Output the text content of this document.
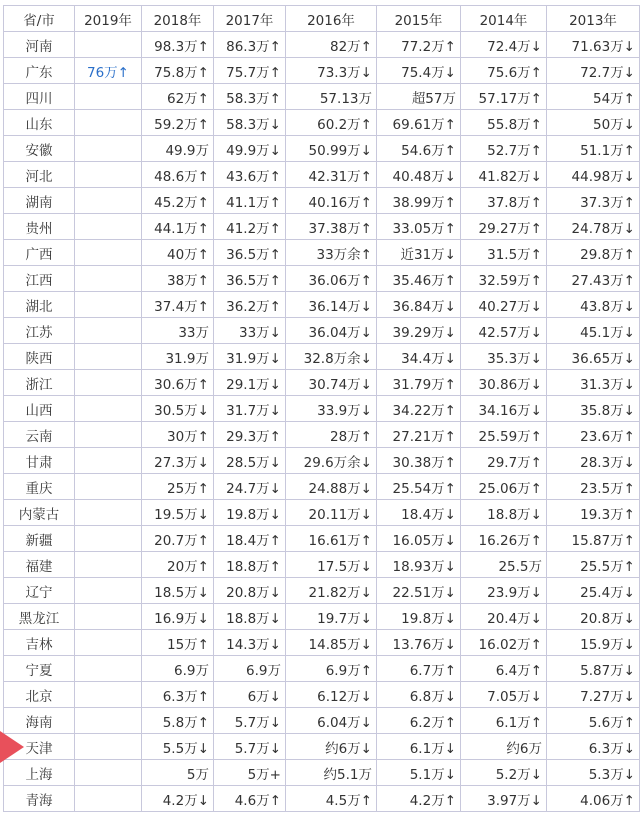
省/市	2019年	2018年	2017年	2016年	2015年	2014年	2013年
河南		98.3万↑	86.3万↑	82万↑	77.2万↑	72.4万↓	71.63万↓
广东	76万↑	75.8万↑	75.7万↑	73.3万↓	75.4万↓	75.6万↑	72.7万↓
四川		62万↑	58.3万↑	57.13万	超57万	57.17万↑	54万↑
山东		59.2万↑	58.3万↓	60.2万↑	69.61万↑	55.8万↑	50万↓
安徽		49.9万	49.9万↓	50.99万↓	54.6万↑	52.7万↑	51.1万↑
河北		48.6万↑	43.6万↑	42.31万↑	40.48万↓	41.82万↓	44.98万↓
湖南		45.2万↑	41.1万↑	40.16万↑	38.99万↑	37.8万↑	37.3万↑
贵州		44.1万↑	41.2万↑	37.38万↑	33.05万↑	29.27万↑	24.78万↓
广西		40万↑	36.5万↑	33万余↑	近31万↓	31.5万↑	29.8万↑
江西		38万↑	36.5万↑	36.06万↑	35.46万↑	32.59万↑	27.43万↑
湖北		37.4万↑	36.2万↑	36.14万↓	36.84万↓	40.27万↓	43.8万↓
江苏		33万	33万↓	36.04万↓	39.29万↓	42.57万↓	45.1万↓
陕西		31.9万	31.9万↓	32.8万余↓	34.4万↓	35.3万↓	36.65万↓
浙江		30.6万↑	29.1万↓	30.74万↓	31.79万↑	30.86万↓	31.3万↓
山西		30.5万↓	31.7万↓	33.9万↓	34.22万↑	34.16万↓	35.8万↓
云南		30万↑	29.3万↑	28万↑	27.21万↑	25.59万↑	23.6万↑
甘肃		27.3万↓	28.5万↓	29.6万余↓	30.38万↑	29.7万↑	28.3万↓
重庆		25万↑	24.7万↓	24.88万↓	25.54万↑	25.06万↑	23.5万↑
内蒙古		19.5万↓	19.8万↓	20.11万↓	18.4万↓	18.8万↓	19.3万↑
新疆		20.7万↑	18.4万↑	16.61万↑	16.05万↓	16.26万↑	15.87万↑
福建		20万↑	18.8万↑	17.5万↓	18.93万↓	25.5万	25.5万↑
辽宁		18.5万↓	20.8万↓	21.82万↓	22.51万↓	23.9万↓	25.4万↓
黑龙江		16.9万↓	18.8万↓	19.7万↓	19.8万↓	20.4万↓	20.8万↓
吉林		15万↑	14.3万↓	14.85万↓	13.76万↓	16.02万↑	15.9万↓
宁夏		6.9万	6.9万	6.9万↑	6.7万↑	6.4万↑	5.87万↓
北京		6.3万↑	6万↓	6.12万↓	6.8万↓	7.05万↓	7.27万↓
海南		5.8万↑	5.7万↓	6.04万↓	6.2万↑	6.1万↑	5.6万↑
天津		5.5万↓	5.7万↓	约6万↓	6.1万↓	约6万	6.3万↓
上海		5万	5万+	约5.1万	5.1万↓	5.2万↓	5.3万↓
青海		4.2万↓	4.6万↑	4.5万↑	4.2万↑	3.97万↓	4.06万↑
